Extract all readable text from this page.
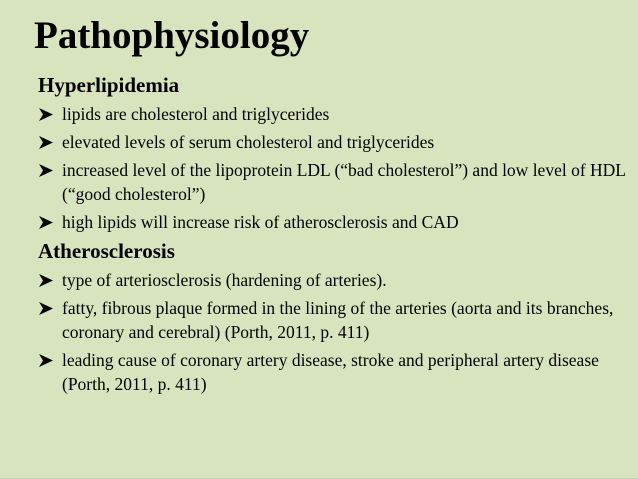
Pathophysiology
Hyperlipidemia
lipids are cholesterol and triglycerides
elevated levels of serum cholesterol and triglycerides
increased level of the lipoprotein LDL (“bad cholesterol”) and low level of HDL (“good cholesterol”)
high lipids will increase risk of atherosclerosis and CAD
Atherosclerosis
type of arteriosclerosis (hardening of arteries).
fatty, fibrous plaque formed in the lining of the arteries (aorta and its branches, coronary and cerebral) (Porth, 2011, p. 411)
leading cause of coronary artery disease, stroke and peripheral artery disease (Porth, 2011, p. 411)
